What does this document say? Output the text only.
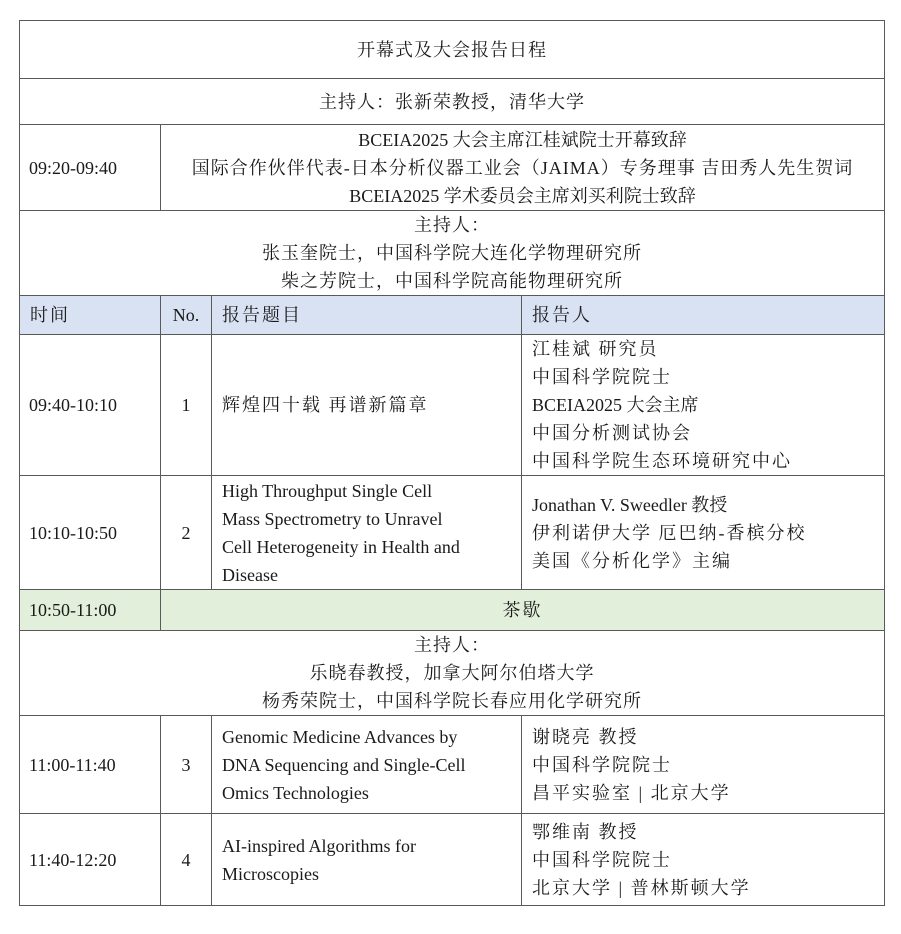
开幕式及大会报告日程			
主持人：张新荣教授，清华大学			
09:20-09:40	BCEIA2025 大会主席江桂斌院士开幕致辞
国际合作伙伴代表-日本分析仪器工业会（JAIMA）专务理事 吉田秀人先生贺词
BCEIA2025 学术委员会主席刘买利院士致辞		

主持人：
张玉奎院士，中国科学院大连化学物理研究所
柴之芳院士，中国科学院高能物理研究所			

时间	No.	报告题目	报告人
09:40-10:10	1	辉煌四十载 再谱新篇章	江桂斌 研究员
中国科学院院士
BCEIA2025 大会主席
中国分析测试协会
中国科学院生态环境研究中心

10:10-10:50	2	High Throughput Single Cell
Mass Spectrometry to Unravel
Cell Heterogeneity in Health and
Disease	Jonathan V. Sweedler 教授
伊利诺伊大学 厄巴纳-香槟分校
美国《分析化学》主编

10:50-11:00	茶歇		

主持人：
乐晓春教授，加拿大阿尔伯塔大学
杨秀荣院士，中国科学院长春应用化学研究所			

11:00-11:40	3	Genomic Medicine Advances by
DNA Sequencing and Single-Cell
Omics Technologies	谢晓亮 教授
中国科学院院士
昌平实验室 | 北京大学

11:40-12:20	4	AI-inspired Algorithms for
Microscopies	鄂维南 教授
中国科学院院士
北京大学 | 普林斯顿大学
